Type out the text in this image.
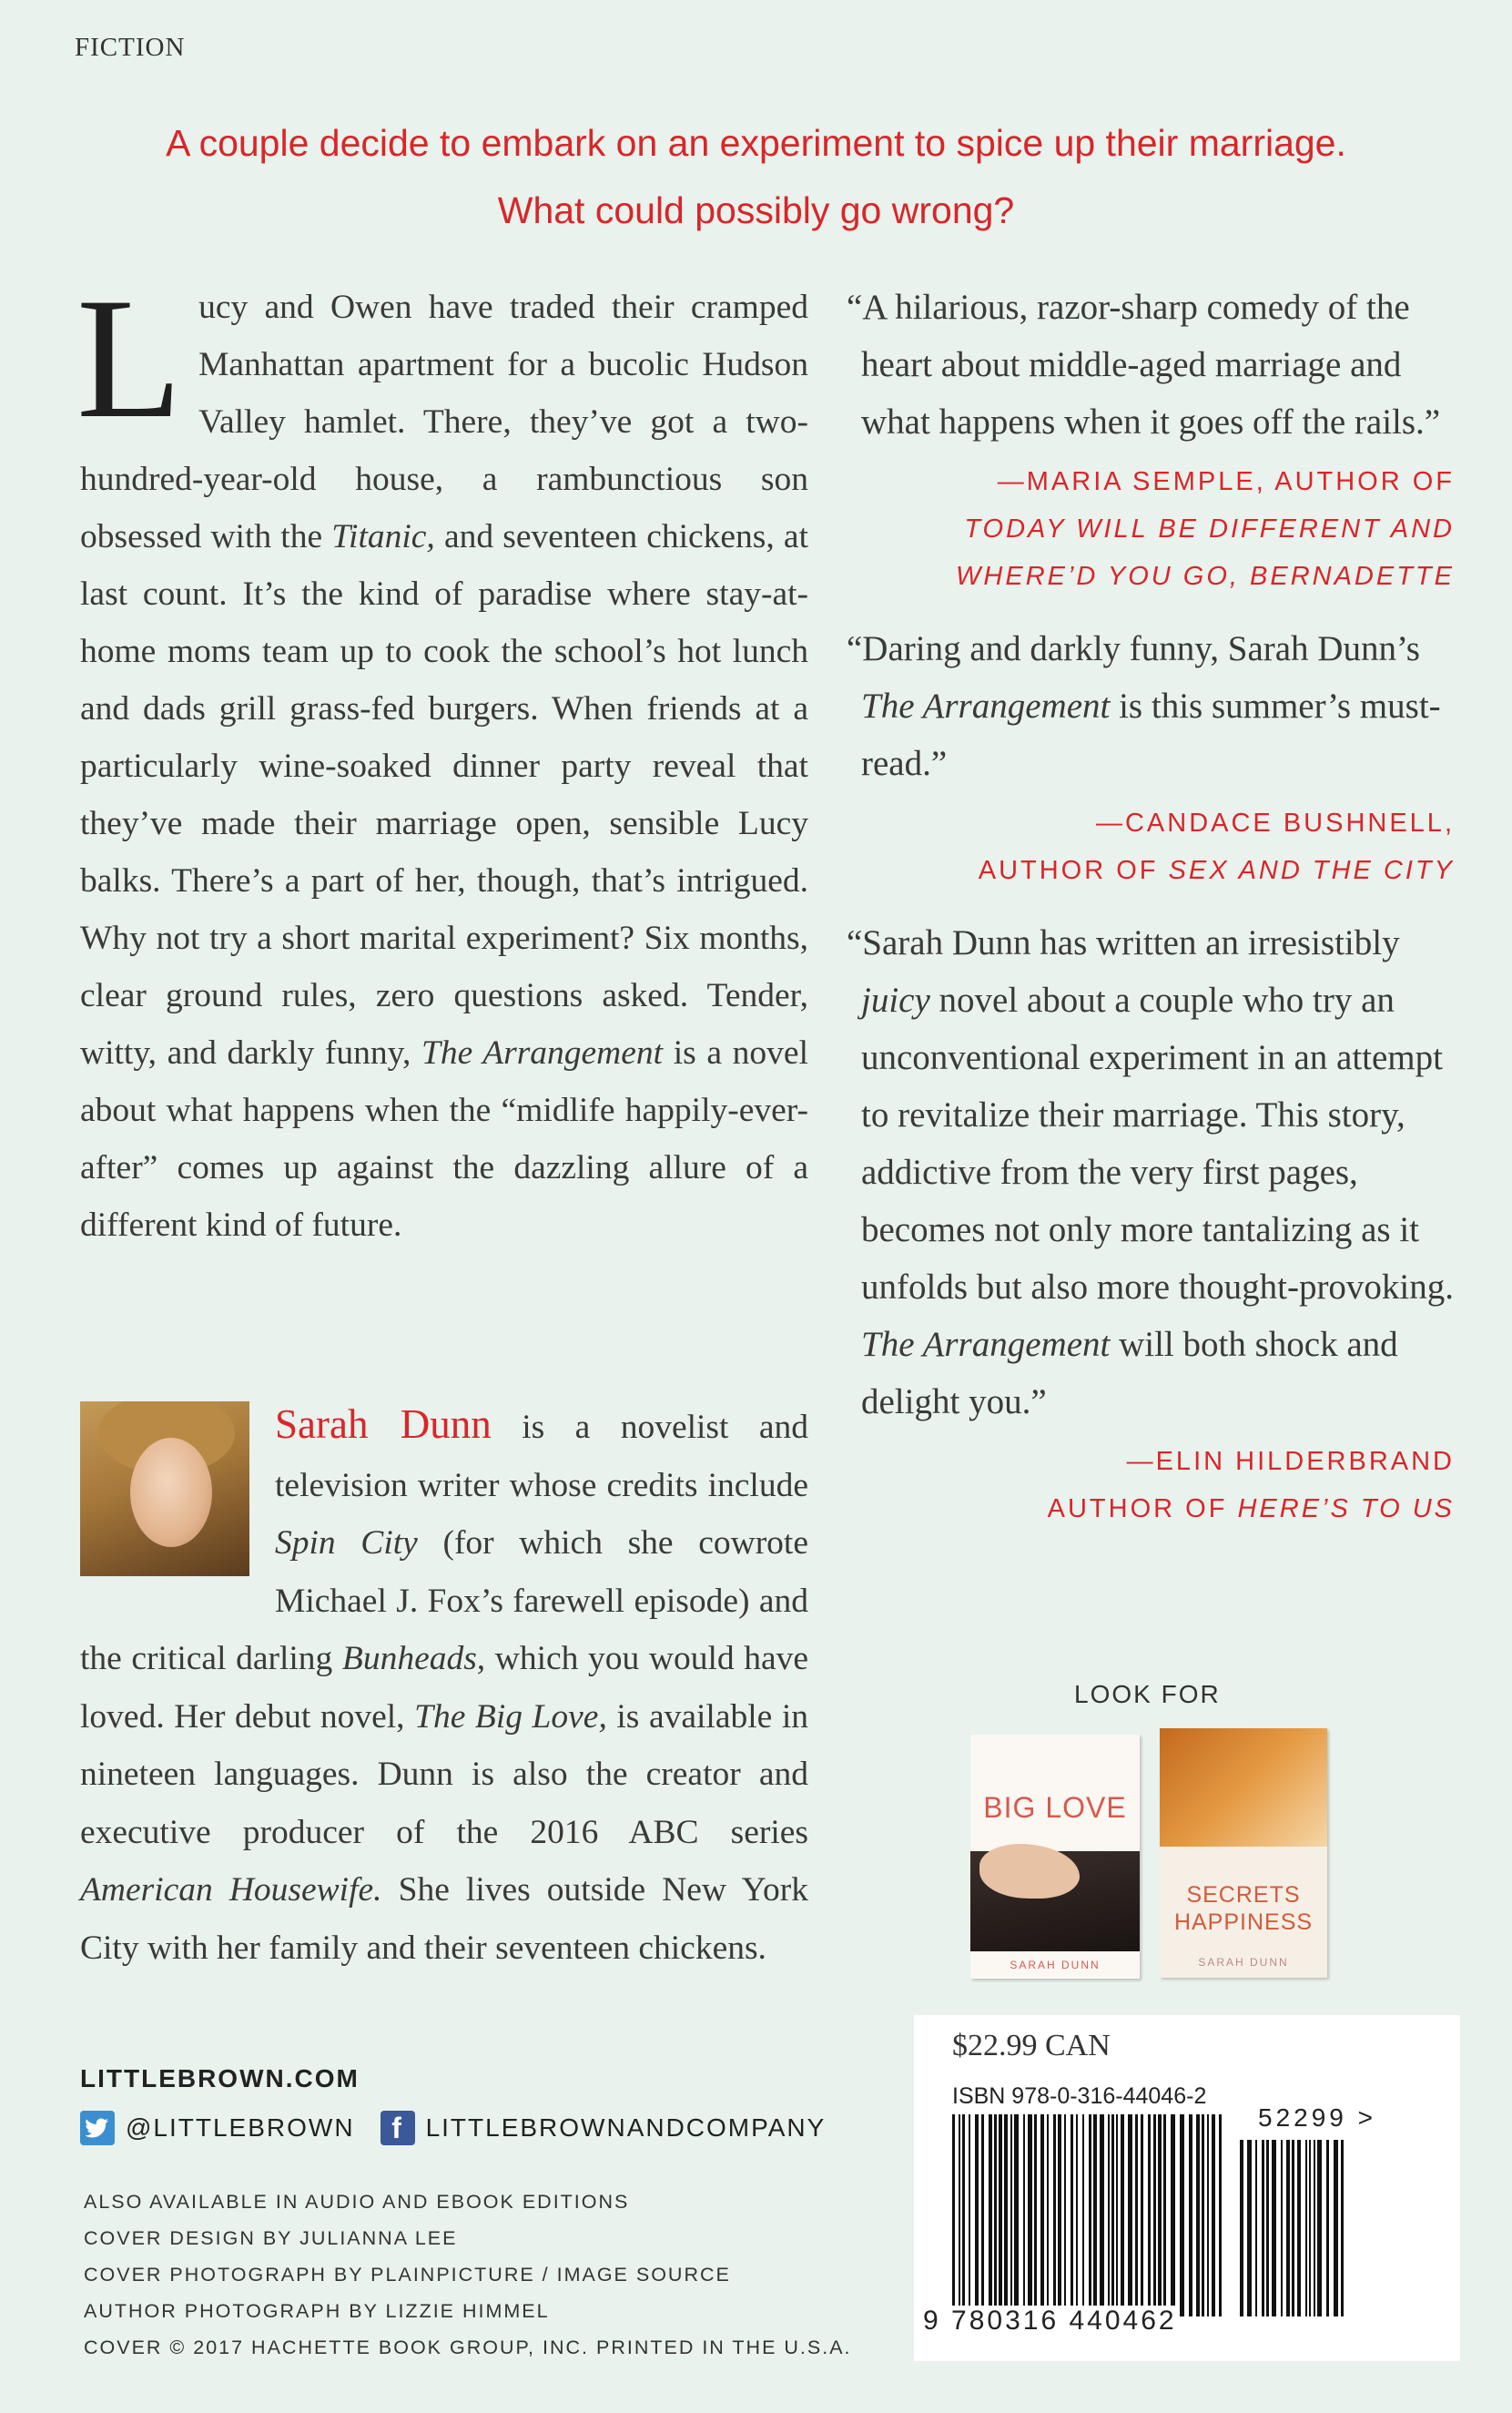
FICTION
A couple decide to embark on an experiment to spice up their marriage.
What could possibly go wrong?
Lucy and Owen have traded their cramped Manhattan apartment for a bucolic Hudson Valley hamlet. There, they’ve got a two-hundred-year-old house, a rambunctious son obsessed with the Titanic, and seventeen chickens, at last count. It’s the kind of paradise where stay-at-home moms team up to cook the school’s hot lunch and dads grill grass-fed burgers. When friends at a particularly wine-soaked dinner party reveal that they’ve made their marriage open, sensible Lucy balks. There’s a part of her, though, that’s intrigued. Why not try a short marital experiment? Six months, clear ground rules, zero questions asked. Tender, witty, and darkly funny, The Arrangement is a novel about what happens when the “midlife happily-ever-after” comes up against the dazzling allure of a different kind of future.
Sarah Dunn is a novelist and television writer whose credits include Spin City (for which she cowrote Michael J. Fox’s farewell episode) and the critical darling Bunheads, which you would have loved. Her debut novel, The Big Love, is available in nineteen languages. Dunn is also the creator and executive producer of the 2016 ABC series American Housewife. She lives outside New York City with her family and their seventeen chickens.
“A hilarious, razor-sharp comedy of the heart about middle-aged marriage and what happens when it goes off the rails.”
—MARIA SEMPLE, AUTHOR OF
TODAY WILL BE DIFFERENT AND
WHERE’D YOU GO, BERNADETTE
“Daring and darkly funny, Sarah Dunn’s The Arrangement is this summer’s must-read.”
—CANDACE BUSHNELL,
AUTHOR OF SEX AND THE CITY
“Sarah Dunn has written an irresistibly juicy novel about a couple who try an unconventional experiment in an attempt to revitalize their marriage. This story, addictive from the very first pages, becomes not only more tantalizing as it unfolds but also more thought-provoking. The Arrangement will both shock and delight you.”
—ELIN HILDERBRAND
AUTHOR OF HERE’S TO US
LOOK FOR
BIG LOVE
SARAH DUNN
SECRETS
HAPPINESS
SARAH DUNN
LITTLEBROWN.COM
@LITTLEBROWN	f LITTLEBROWNANDCOMPANY
ALSO AVAILABLE IN AUDIO AND EBOOK EDITIONS
COVER DESIGN BY JULIANNA LEE
COVER PHOTOGRAPH BY PLAINPICTURE / IMAGE SOURCE
AUTHOR PHOTOGRAPH BY LIZZIE HIMMEL
COVER © 2017 HACHETTE BOOK GROUP, INC. PRINTED IN THE U.S.A.
$22.99 CAN
ISBN 978-0-316-44046-2
52299 >
9 780316 440462
